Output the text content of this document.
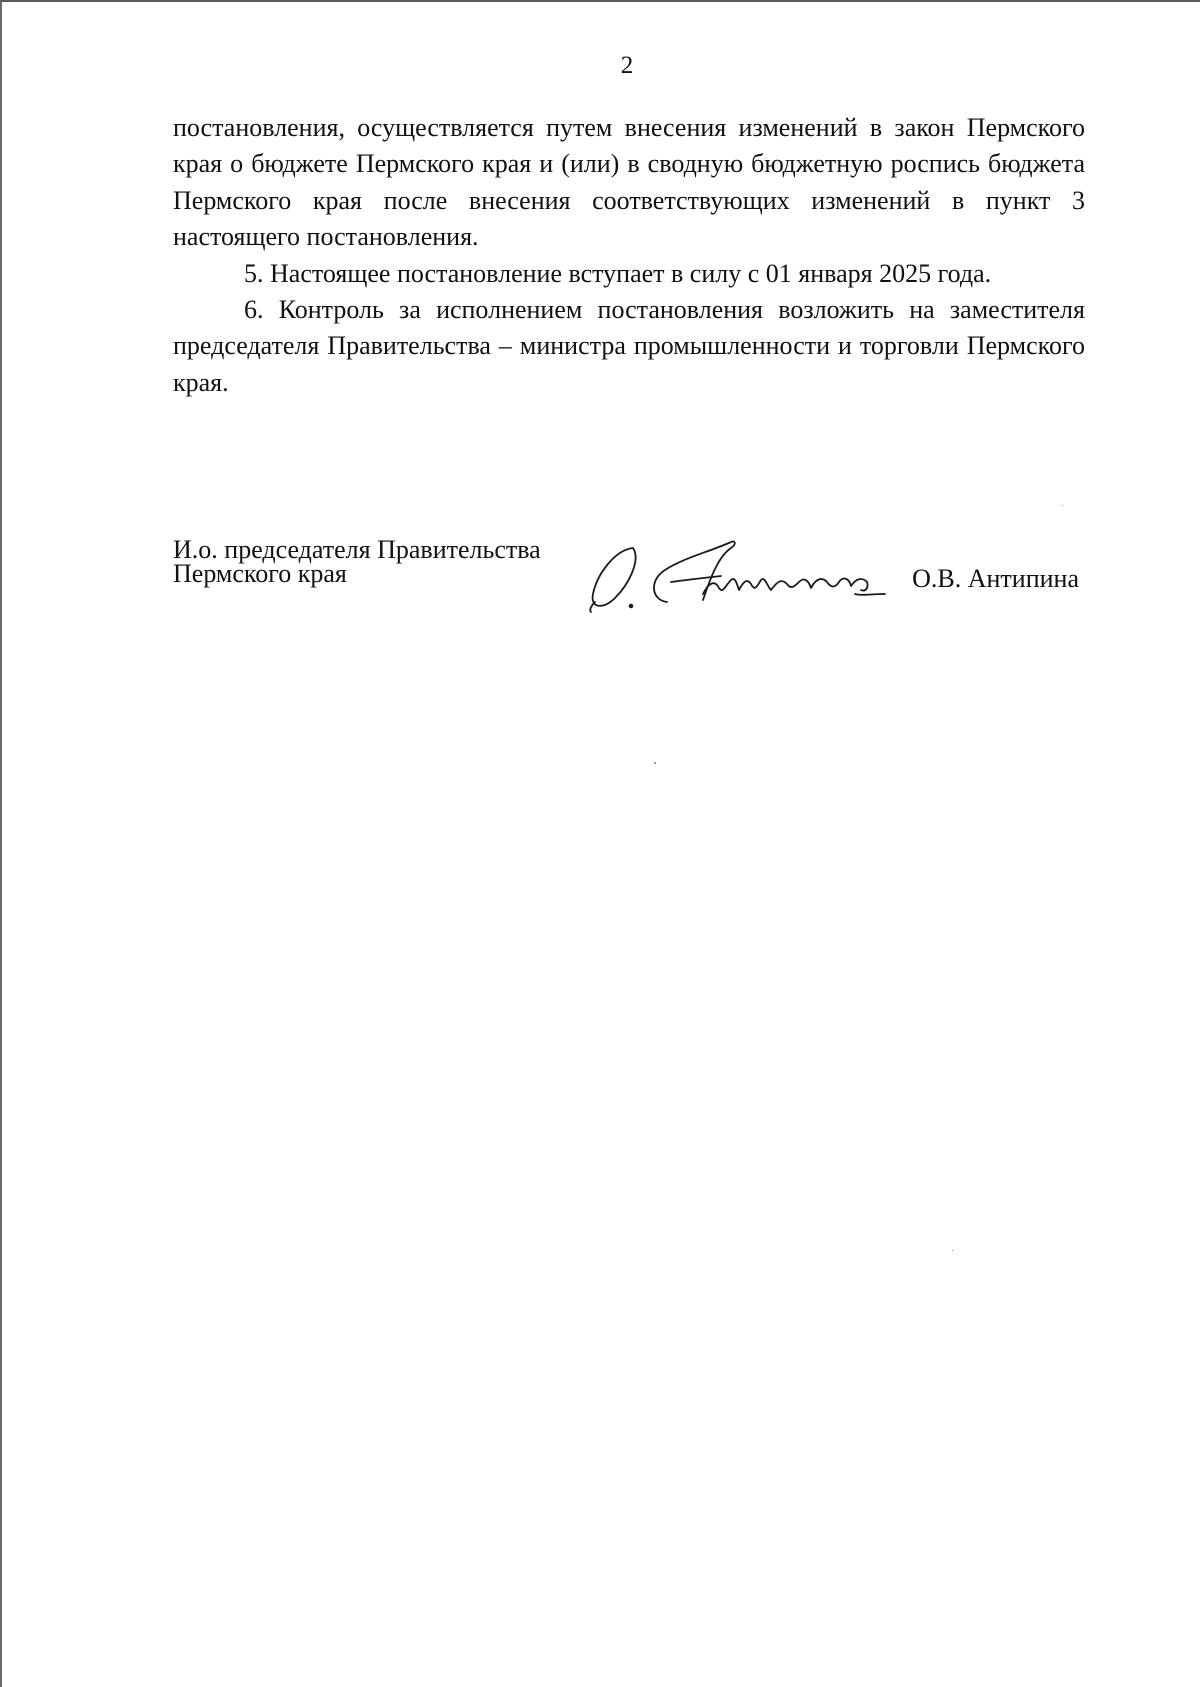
2

постановления, осуществляется путем внесения изменений в закон Пермского края о бюджете Пермского края и (или) в сводную бюджетную роспись бюджета Пермского края после внесения соответствующих изменений в пункт 3 настоящего постановления.

5. Настоящее постановление вступает в силу с 01 января 2025 года.

6. Контроль за исполнением постановления возложить на заместителя председателя Правительства – министра промышленности и торговли Пермского края.

И.о. председателя Правительства
Пермского края	О.В. Антипина
